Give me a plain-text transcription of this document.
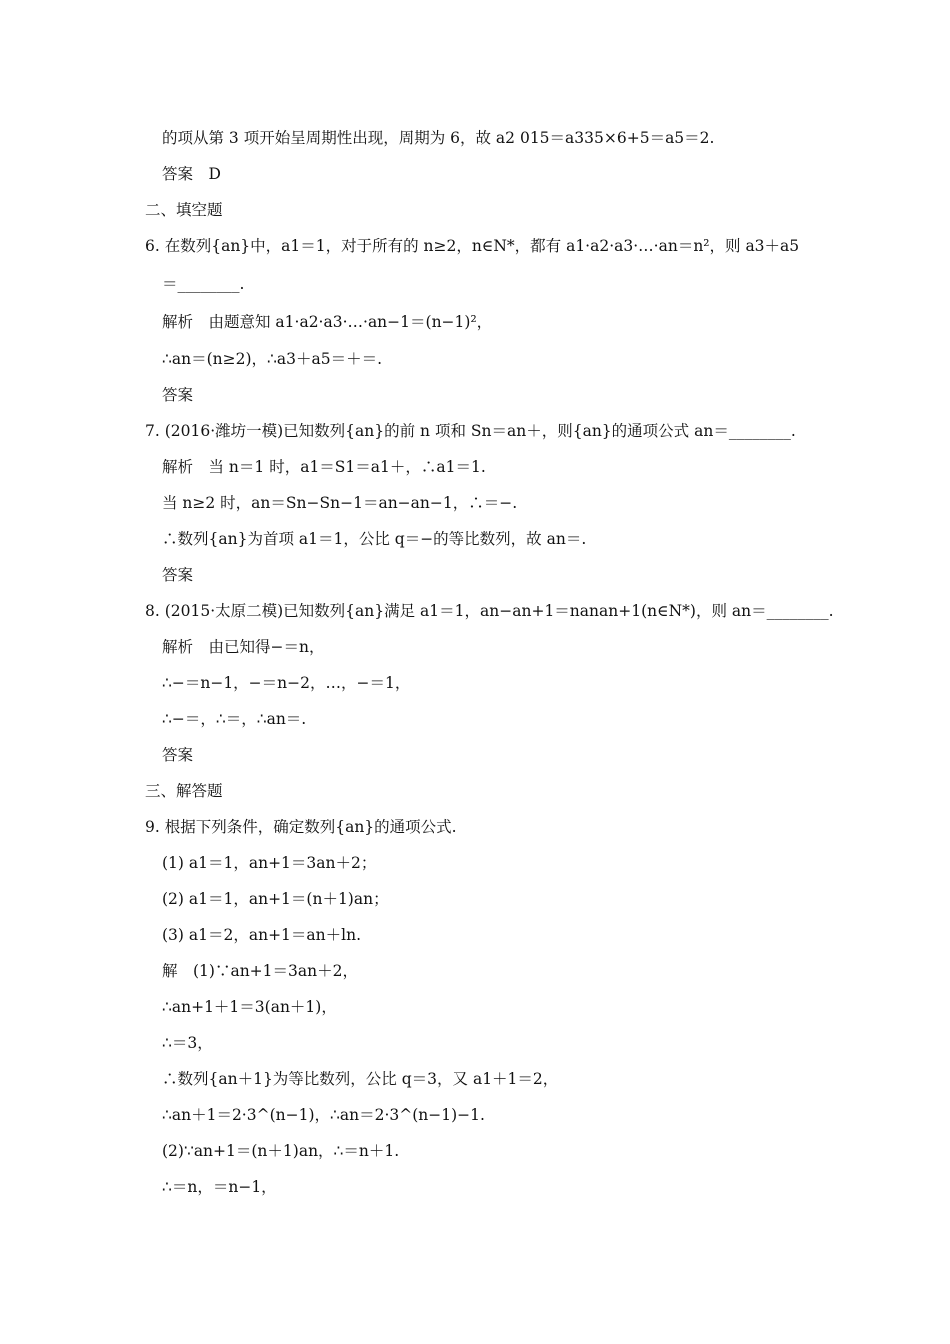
的项从第 3 项开始呈周期性出现，周期为 6，故 a2 015＝a335×6+5＝a5＝2.
答案　D
二、填空题
6. 在数列{an}中，a1＝1，对于所有的 n≥2，n∈N*，都有 a1·a2·a3·…·an＝n²，则 a3＋a5
＝________.
解析　由题意知 a1·a2·a3·…·an−1＝(n−1)²，
∴an＝(n≥2)，∴a3＋a5＝＋＝.
答案
7. (2016·潍坊一模)已知数列{an}的前 n 项和 Sn＝an＋，则{an}的通项公式 an＝________.
解析　当 n＝1 时，a1＝S1＝a1＋，∴a1＝1.
当 n≥2 时，an＝Sn−Sn−1＝an−an−1，∴＝−.
∴数列{an}为首项 a1＝1，公比 q＝−的等比数列，故 an＝.
答案
8. (2015·太原二模)已知数列{an}满足 a1＝1，an−an+1＝nanan+1(n∈N*)，则 an＝________.
解析　由已知得−＝n，
∴−＝n−1，−＝n−2，…，−＝1，
∴−＝，∴＝，∴an＝.
答案
三、解答题
9. 根据下列条件，确定数列{an}的通项公式.
(1) a1＝1，an+1＝3an＋2；
(2) a1＝1，an+1＝(n＋1)an；
(3) a1＝2，an+1＝an＋ln.
解　(1)∵an+1＝3an＋2，
∴an+1＋1＝3(an＋1)，
∴＝3，
∴数列{an＋1}为等比数列，公比 q＝3，又 a1＋1＝2，
∴an＋1＝2·3^(n−1)，∴an＝2·3^(n−1)−1.
(2)∵an+1＝(n＋1)an，∴＝n＋1.
∴＝n，＝n−1，
